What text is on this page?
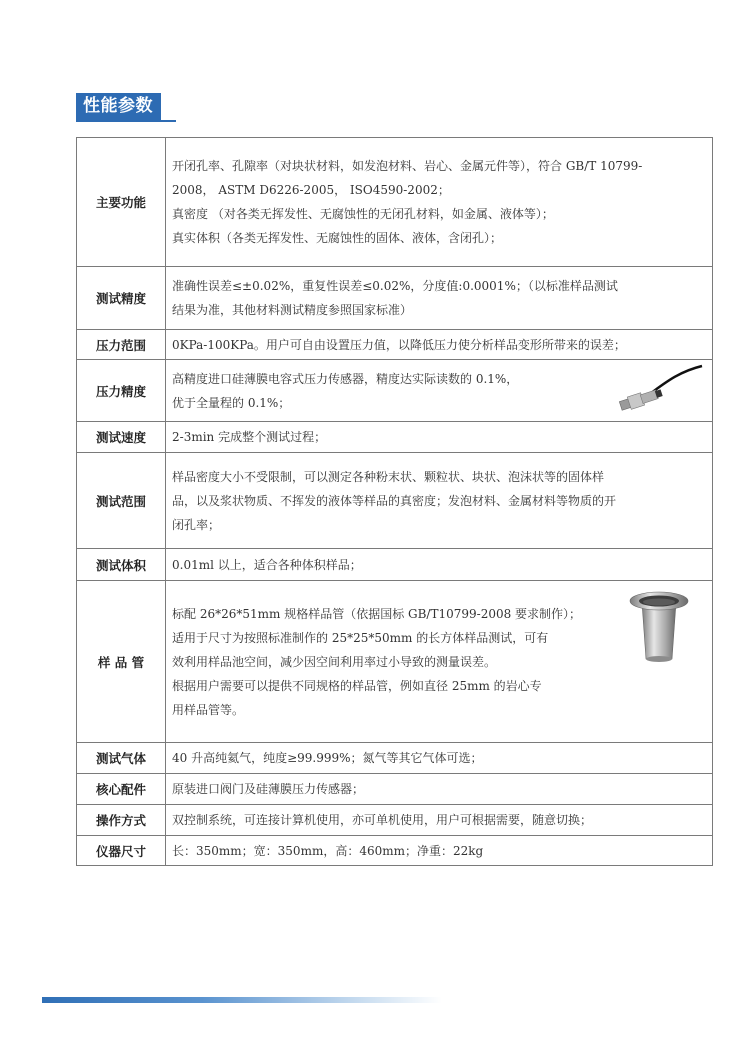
性能参数
主要功能	开闭孔率、孔隙率（对块状材料，如发泡材料、岩心、金属元件等），符合 GB/T 10799-
2008， ASTM D6226-2005， ISO4590-2002；
真密度 （对各类无挥发性、无腐蚀性的无闭孔材料，如金属、液体等）；
真实体积（各类无挥发性、无腐蚀性的固体、液体，含闭孔）；

测试精度	准确性误差≤±0.02%，重复性误差≤0.02%，分度值:0.0001%；（以标准样品测试
结果为准，其他材料测试精度参照国家标准）

压力范围	0KPa-100KPa。用户可自由设置压力值，以降低压力使分析样品变形所带来的误差；

压力精度	高精度进口硅薄膜电容式压力传感器，精度达实际读数的 0.1%，
优于全量程的 0.1%；

测试速度	2-3min 完成整个测试过程；

测试范围	样品密度大小不受限制，可以测定各种粉末状、颗粒状、块状、泡沫状等的固体样
品，以及浆状物质、不挥发的液体等样品的真密度；发泡材料、金属材料等物质的开
闭孔率；

测试体积	0.01ml 以上，适合各种体积样品；

样 品 管	标配 26*26*51mm 规格样品管（依据国标 GB/T10799-2008 要求制作）；
适用于尺寸为按照标准制作的 25*25*50mm 的长方体样品测试，可有
效利用样品池空间，减少因空间利用率过小导致的测量误差。
根据用户需要可以提供不同规格的样品管，例如直径 25mm 的岩心专
用样品管等。

测试气体	40 升高纯氦气，纯度≥99.999%；氮气等其它气体可选；

核心配件	原装进口阀门及硅薄膜压力传感器；

操作方式	双控制系统，可连接计算机使用，亦可单机使用，用户可根据需要，随意切换；

仪器尺寸	长：350mm；宽：350mm，高：460mm；净重：22kg
